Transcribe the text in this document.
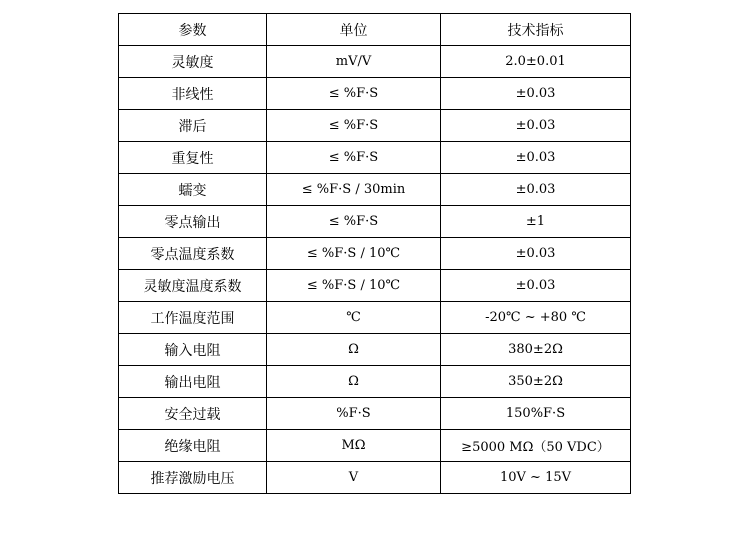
参数	单位	技术指标
灵敏度	mV/V	2.0±0.01
非线性	≤ %F·S	±0.03
滞后	≤ %F·S	±0.03
重复性	≤ %F·S	±0.03
蠕变	≤ %F·S / 30min	±0.03
零点输出	≤ %F·S	±1
零点温度系数	≤ %F·S / 10℃	±0.03
灵敏度温度系数	≤ %F·S / 10℃	±0.03
工作温度范围	℃	-20℃ ~ +80 ℃
输入电阻	Ω	380±2Ω
输出电阻	Ω	350±2Ω
安全过载	%F·S	150%F·S
绝缘电阻	MΩ	≥5000 MΩ（50 VDC）
推荐激励电压	V	10V ~ 15V
